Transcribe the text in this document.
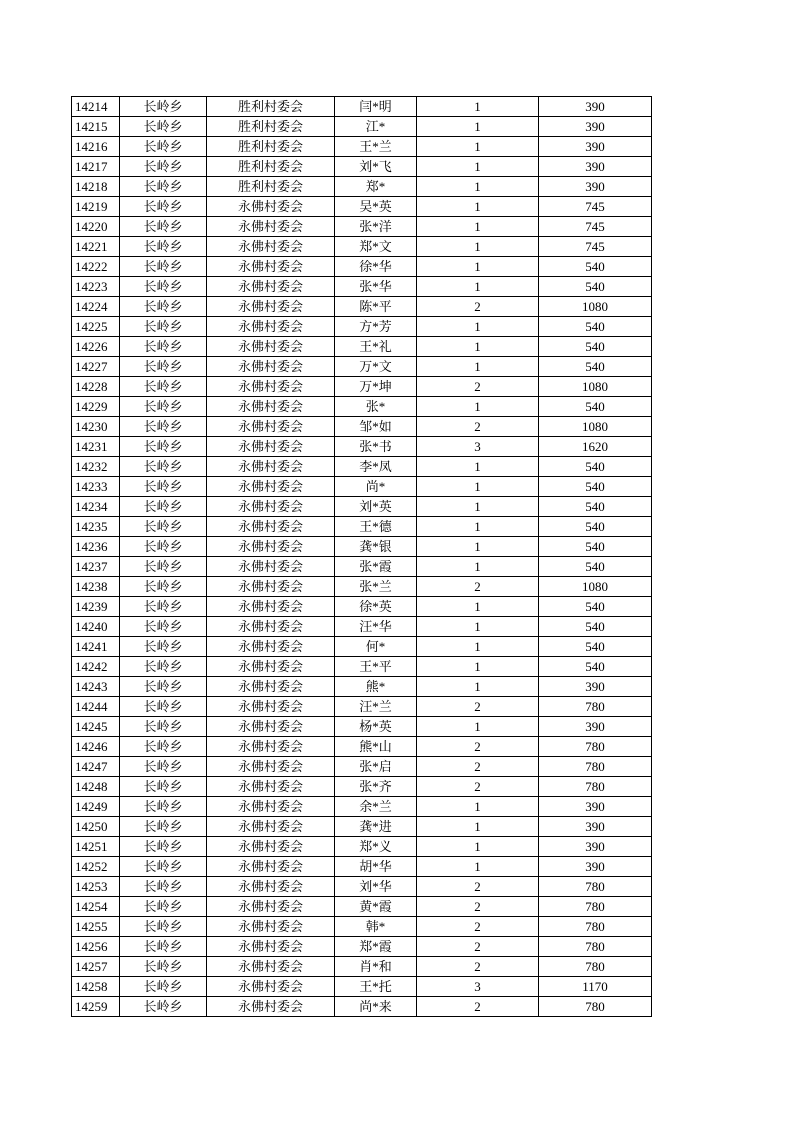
14214	长岭乡	胜利村委会	闫*明	1	390
14215	长岭乡	胜利村委会	江*	1	390
14216	长岭乡	胜利村委会	王*兰	1	390
14217	长岭乡	胜利村委会	刘*飞	1	390
14218	长岭乡	胜利村委会	郑*	1	390
14219	长岭乡	永佛村委会	吴*英	1	745
14220	长岭乡	永佛村委会	张*洋	1	745
14221	长岭乡	永佛村委会	郑*文	1	745
14222	长岭乡	永佛村委会	徐*华	1	540
14223	长岭乡	永佛村委会	张*华	1	540
14224	长岭乡	永佛村委会	陈*平	2	1080
14225	长岭乡	永佛村委会	方*芳	1	540
14226	长岭乡	永佛村委会	王*礼	1	540
14227	长岭乡	永佛村委会	万*文	1	540
14228	长岭乡	永佛村委会	万*坤	2	1080
14229	长岭乡	永佛村委会	张*	1	540
14230	长岭乡	永佛村委会	邹*如	2	1080
14231	长岭乡	永佛村委会	张*书	3	1620
14232	长岭乡	永佛村委会	李*凤	1	540
14233	长岭乡	永佛村委会	尚*	1	540
14234	长岭乡	永佛村委会	刘*英	1	540
14235	长岭乡	永佛村委会	王*德	1	540
14236	长岭乡	永佛村委会	龚*银	1	540
14237	长岭乡	永佛村委会	张*霞	1	540
14238	长岭乡	永佛村委会	张*兰	2	1080
14239	长岭乡	永佛村委会	徐*英	1	540
14240	长岭乡	永佛村委会	汪*华	1	540
14241	长岭乡	永佛村委会	何*	1	540
14242	长岭乡	永佛村委会	王*平	1	540
14243	长岭乡	永佛村委会	熊*	1	390
14244	长岭乡	永佛村委会	汪*兰	2	780
14245	长岭乡	永佛村委会	杨*英	1	390
14246	长岭乡	永佛村委会	熊*山	2	780
14247	长岭乡	永佛村委会	张*启	2	780
14248	长岭乡	永佛村委会	张*齐	2	780
14249	长岭乡	永佛村委会	余*兰	1	390
14250	长岭乡	永佛村委会	龚*进	1	390
14251	长岭乡	永佛村委会	郑*义	1	390
14252	长岭乡	永佛村委会	胡*华	1	390
14253	长岭乡	永佛村委会	刘*华	2	780
14254	长岭乡	永佛村委会	黄*霞	2	780
14255	长岭乡	永佛村委会	韩*	2	780
14256	长岭乡	永佛村委会	郑*霞	2	780
14257	长岭乡	永佛村委会	肖*和	2	780
14258	长岭乡	永佛村委会	王*托	3	1170
14259	长岭乡	永佛村委会	尚*来	2	780
